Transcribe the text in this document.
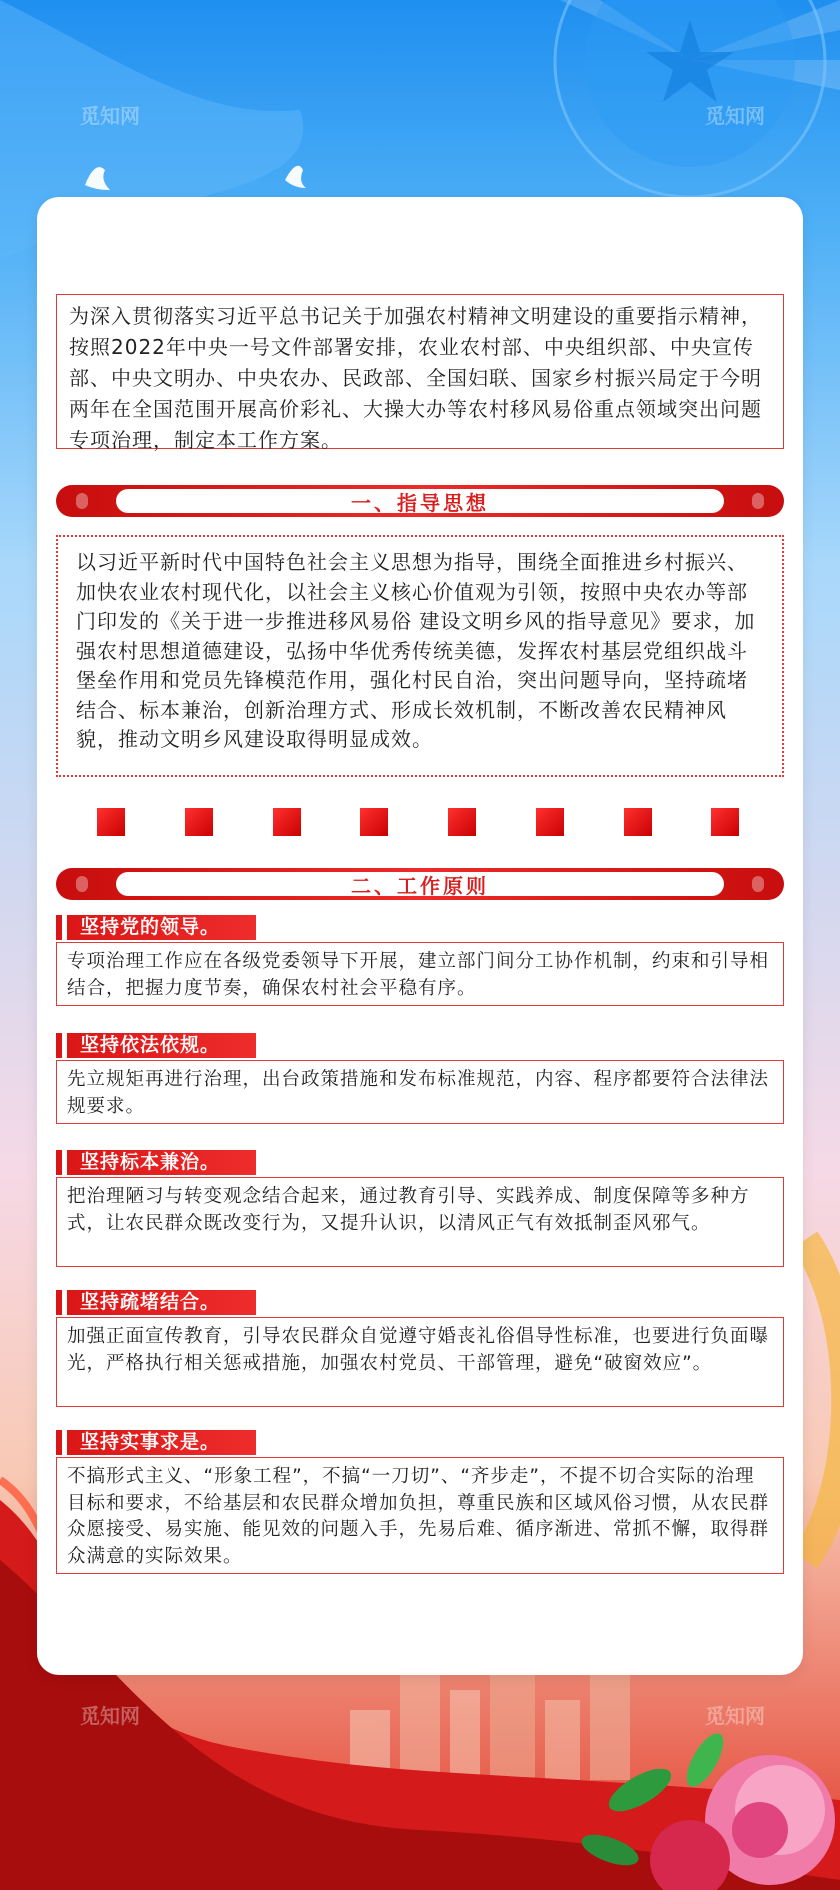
觅知网	觅知网
觅知网	觅知网
为深入贯彻落实习近平总书记关于加强农村精神文明建设的重要指示精神，按照2022年中央一号文件部署安排，农业农村部、中央组织部、中央宣传部、中央文明办、中央农办、民政部、全国妇联、国家乡村振兴局定于今明两年在全国范围开展高价彩礼、大操大办等农村移风易俗重点领域突出问题专项治理，制定本工作方案。
一、指导思想
以习近平新时代中国特色社会主义思想为指导，围绕全面推进乡村振兴、加快农业农村现代化，以社会主义核心价值观为引领，按照中央农办等部门印发的《关于进一步推进移风易俗 建设文明乡风的指导意见》要求，加强农村思想道德建设，弘扬中华优秀传统美德，发挥农村基层党组织战斗堡垒作用和党员先锋模范作用，强化村民自治，突出问题导向，坚持疏堵结合、标本兼治，创新治理方式、形成长效机制，不断改善农民精神风貌，推动文明乡风建设取得明显成效。
二、工作原则
坚持党的领导。
专项治理工作应在各级党委领导下开展，建立部门间分工协作机制，约束和引导相结合，把握力度节奏，确保农村社会平稳有序。
坚持依法依规。
先立规矩再进行治理，出台政策措施和发布标准规范，内容、程序都要符合法律法规要求。
坚持标本兼治。
把治理陋习与转变观念结合起来，通过教育引导、实践养成、制度保障等多种方式，让农民群众既改变行为，又提升认识，以清风正气有效抵制歪风邪气。
坚持疏堵结合。
加强正面宣传教育，引导农民群众自觉遵守婚丧礼俗倡导性标准，也要进行负面曝光，严格执行相关惩戒措施，加强农村党员、干部管理，避免“破窗效应”。
坚持实事求是。
不搞形式主义、“形象工程”，不搞“一刀切”、“齐步走”，不提不切合实际的治理目标和要求，不给基层和农民群众增加负担，尊重民族和区域风俗习惯，从农民群众愿接受、易实施、能见效的问题入手，先易后难、循序渐进、常抓不懈，取得群众满意的实际效果。
